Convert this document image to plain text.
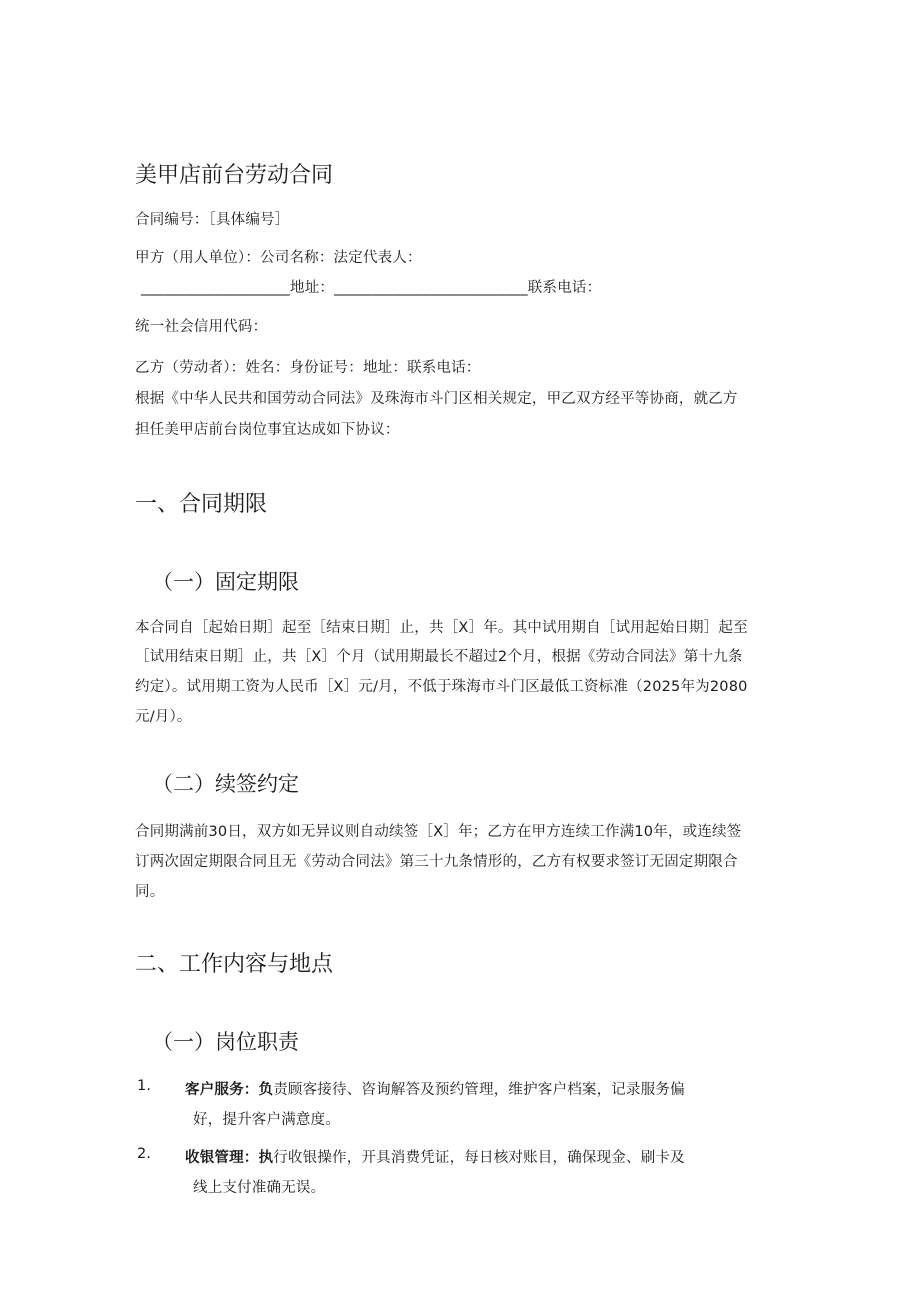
美甲店前台劳动合同
合同编号：［具体编号］
甲方（用人单位）：公司名称：法定代表人：
____________________地址：__________________________联系电话：
统一社会信用代码：
乙方（劳动者）：姓名：身份证号：地址：联系电话：
根据《中华人民共和国劳动合同法》及珠海市斗门区相关规定，甲乙双方经平等协商，就乙方
担任美甲店前台岗位事宜达成如下协议：
一、合同期限
（一）固定期限
本合同自［起始日期］起至［结束日期］止，共［X］年。其中试用期自［试用起始日期］起至
［试用结束日期］止，共［X］个月（试用期最长不超过2个月，根据《劳动合同法》第十九条
约定）。试用期工资为人民币［X］元/月，不低于珠海市斗门区最低工资标准（2025年为2080
元/月）。
（二）续签约定
合同期满前30日，双方如无异议则自动续签［X］年；乙方在甲方连续工作满10年，或连续签
订两次固定期限合同且无《劳动合同法》第三十九条情形的，乙方有权要求签订无固定期限合
同。
二、工作内容与地点
（一）岗位职责
1. 客户服务：负责顾客接待、咨询解答及预约管理，维护客户档案，记录服务偏
好，提升客户满意度。
2. 收银管理：执行收银操作，开具消费凭证，每日核对账目，确保现金、刷卡及
线上支付准确无误。
